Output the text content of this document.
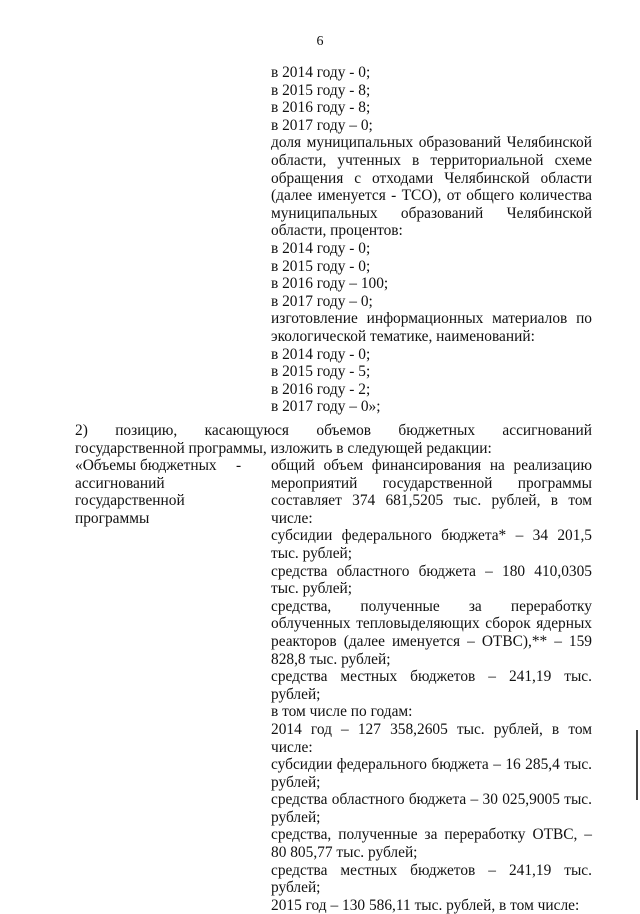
6
в 2014 году - 0;
в 2015 году - 8;
в 2016 году - 8;
в 2017 году – 0;
доля муниципальных образований Челябинской области, учтенных в территориальной схеме обращения с отходами Челябинской области (далее именуется - ТСО), от общего количества муниципальных образований Челябинской области, процентов:
в 2014 году - 0;
в 2015 году - 0;
в 2016 году – 100;
в 2017 году – 0;
изготовление информационных материалов по экологической тематике, наименований:
в 2014 году - 0;
в 2015 году - 5;
в 2016 году - 2;
в 2017 году – 0»;
2) позицию, касающуюся объемов бюджетных ассигнований
государственной программы, изложить в следующей редакции:
«Объемы бюджетных ассигнований государственной программы
- общий объем финансирования на реализацию мероприятий государственной программы составляет 374 681,5205 тыс. рублей, в том числе:
субсидии федерального бюджета* – 34 201,5 тыс. рублей;
средства областного бюджета – 180 410,0305 тыс. рублей;
средства, полученные за переработку облученных тепловыделяющих сборок ядерных реакторов (далее именуется – ОТВС),** – 159 828,8 тыс. рублей;
средства местных бюджетов – 241,19 тыс. рублей;
в том числе по годам:
2014 год – 127 358,2605 тыс. рублей, в том числе:
субсидии федерального бюджета – 16 285,4 тыс. рублей;
средства областного бюджета – 30 025,9005 тыс. рублей;
средства, полученные за переработку ОТВС, – 80 805,77 тыс. рублей;
средства местных бюджетов – 241,19 тыс. рублей;
2015 год – 130 586,11 тыс. рублей, в том числе:
